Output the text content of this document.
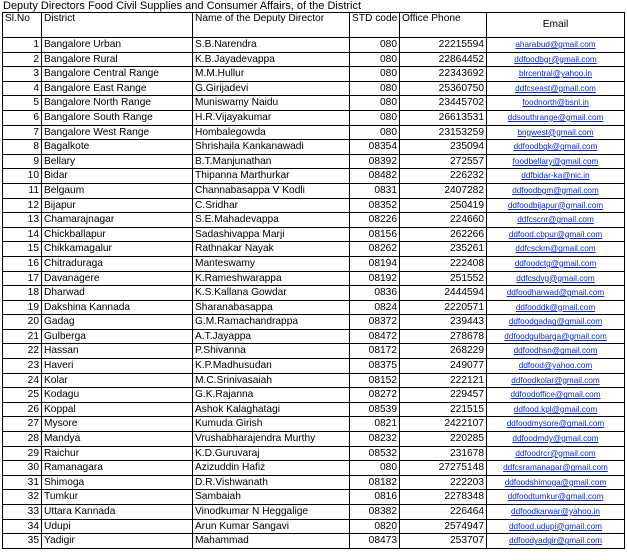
Deputy Directors Food Civil Supplies and Consumer Affairs, of the District
Sl.No	District	Name of the Deputy Director	STD code	Office Phone	Email
1	Bangalore Urban	S.B.Narendra	080	22215594	aharabud@gmail.com
2	Bangalore Rural	K.B.Jayadevappa	080	22864452	ddfoodbgr@gmail.com
3	Bangalore Central Range	M.M.Hullur	080	22343692	blrcentral@yahoo.in
4	Bangalore East Range	G.Girijadevi	080	25360750	ddfcseast@gmail.com
5	Bangalore North Range	Muniswamy Naidu	080	23445702	foodnorth@bsnl.in
6	Bangalore South Range	H.R.Vijayakumar	080	26613531	ddsouthrange@gmail.com
7	Bangalore West Range	Hombalegowda	080	23153259	bngwest@gmail.com
8	Bagalkote	Shrishaila Kankanawadi	08354	235094	ddfoodbgk@gmail.com
9	Bellary	B.T.Manjunathan	08392	272557	foodbellary@gmail.com
10	Bidar	Thipanna Marthurkar	08482	226232	ddfbidar-ka@nic.in
11	Belgaum	Channabasappa V Kodli	0831	2407282	ddfoodbgm@gmail.com
12	Bijapur	C.Sridhar	08352	250419	ddfoodbijapur@gmail.com
13	Chamarajnagar	S.E.Mahadevappa	08226	224660	ddfcscnr@gmail.com
14	Chickballapur	Sadashivappa Marji	08156	262266	ddfood.cbpur@gmail.com
15	Chikkamagalur	Rathnakar Nayak	08262	235261	ddfcsckm@gmail.com
16	Chitraduraga	Manteswamy	08194	222408	ddfoodctg@gmail.com
17	Davanagere	K.Rameshwarappa	08192	251552	ddfcsdvg@gmail.com
18	Dharwad	K.S.Kallana Gowdar	0836	2444594	ddfoodharwad@gmail.com
19	Dakshina Kannada	Sharanabasappa	0824	2220571	ddfooddk@gmail.com
20	Gadag	G.M.Ramachandrappa	08372	239443	ddfoodgadag@gmail.com
21	Gulberga	A.T.Jayappa	08472	278678	ddfoodgulbarga@gmail.com
22	Hassan	P.Shivanna	08172	268229	ddfoodhsn@gmail.com
23	Haveri	K.P.Madhusudan	08375	249077	ddfood@yahoo.com
24	Kolar	M.C.Srinivasaiah	08152	222121	ddfoodkolar@gmail.com
25	Kodagu	G.K.Rajanna	08272	229457	ddfoodoffice@gmail.com
26	Koppal	Ashok Kalaghatagi	08539	221515	ddfood.kpl@gmail.com
27	Mysore	Kumuda Girish	0821	2422107	ddfoodmysore@gmail.com
28	Mandya	Vrushabharajendra Murthy	08232	220285	ddfoodmdy@gmail.com
29	Raichur	K.D.Guruvaraj	08532	231678	ddfoodrcr@gmail.com
30	Ramanagara	Azizuddin Hafiz	080	27275148	ddfcsramanagar@gmail.com
31	Shimoga	D.R.Vishwanath	08182	222203	ddfoodshimoga@gmail.com
32	Tumkur	Sambaiah	0816	2278348	ddfoodtumkur@gmail.com
33	Uttara Kannada	Vinodkumar N Heggalige	08382	226464	ddfoodkarwar@yahoo.in
34	Udupi	Arun Kumar Sangavi	0820	2574947	ddfood.udupi@gmail.com
35	Yadigir	Mahammad	08473	253707	ddfoodyadgir@gmail.com
